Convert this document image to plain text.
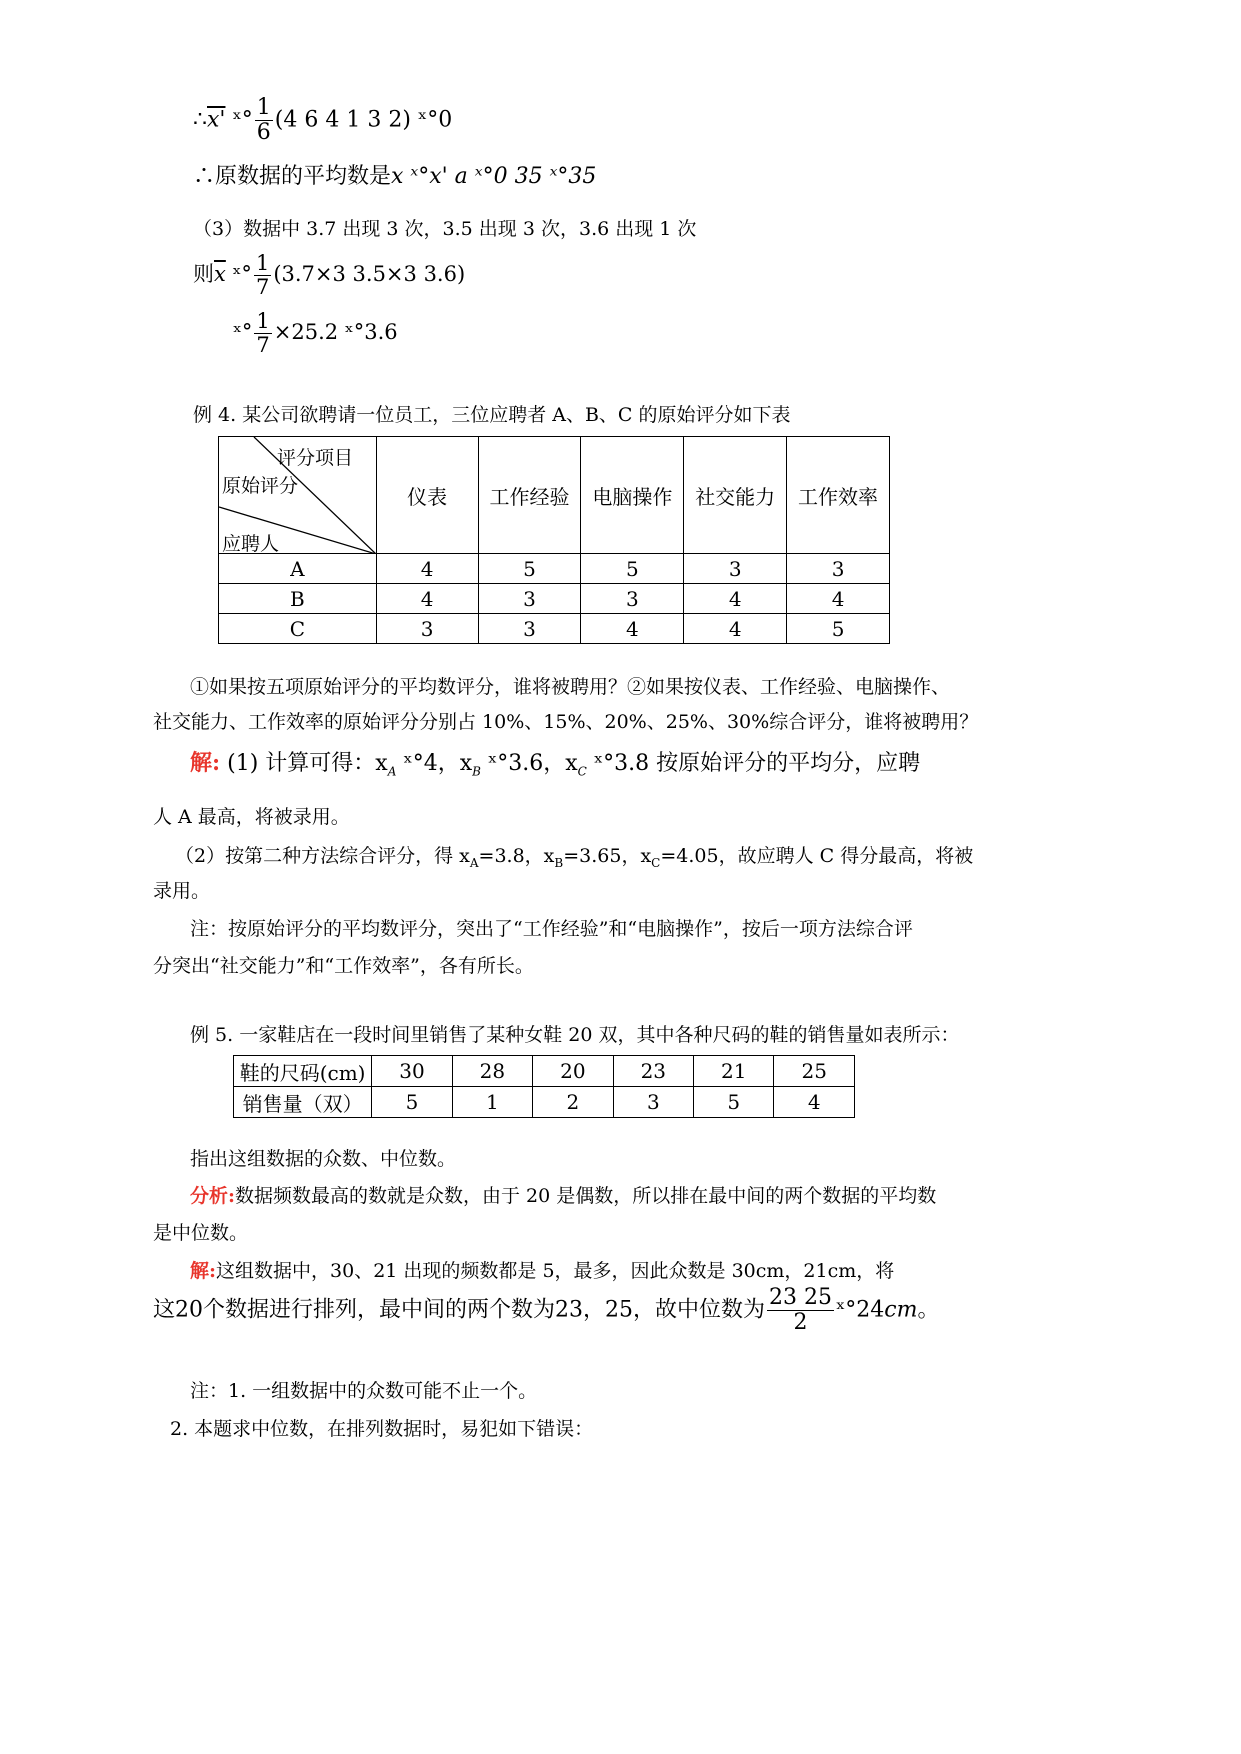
∴x' ˣ° $\frac{1}{6} (4$ 6 4 1 3 2) ˣ°0
∴原数据的平均数是x ˣ°x' a ˣ°0 35 ˣ°35
（3）数据中 3.7 出现 3 次，3.5 出现 3 次，3.6 出现 1 次
则$\overline{x}$ ˣ° $\frac{1}{7} (3.7\times 3$ 3.5×3 3.6)
ˣ° $\frac{1}{7} \times 25.2$ ˣ°3.6
例 4. 某公司欲聘请一位员工，三位应聘者 A、B、C 的原始评分如下表
评分项目
原始评分
应聘人	仪表	工作经验	电脑操作	社交能力	工作效率
A	4	5	5	3	3
B	4	3	3	4	4
C	3	3	4	4	5
①如果按五项原始评分的平均数评分，谁将被聘用？②如果按仪表、工作经验、电脑操作、
社交能力、工作效率的原始评分分别占 10%、15%、20%、25%、30%综合评分，谁将被聘用？
解: (1) 计算可得：$x_A$ ˣ°4，$x_B$ ˣ°3.6，$x_C$ ˣ°3.8 按原始评分的平均分，应聘
人 A 最高，将被录用。
（2）按第二种方法综合评分，得 $x_A=3.8$，$x_B=3.65$，$x_C=4.05$，故应聘人 C 得分最高，将被
录用。
注：按原始评分的平均数评分，突出了“工作经验”和“电脑操作”，按后一项方法综合评
分突出“社交能力”和“工作效率”，各有所长。
例 5. 一家鞋店在一段时间里销售了某种女鞋 20 双，其中各种尺码的鞋的销售量如表所示：
鞋的尺码(cm)	30	28	20	23	21	25
销售量（双）	5	1	2	3	5	4
指出这组数据的众数、中位数。
分析:数据频数最高的数就是众数，由于 20 是偶数，所以排在最中间的两个数据的平均数
是中位数。
解:这组数据中，30、21 出现的频数都是 5，最多，因此众数是 30cm，21cm，将
这20个数据进行排列，最中间的两个数为23，25，故中位数为 $\frac{23 25}{2}$ ˣ°24cm。
注：1. 一组数据中的众数可能不止一个。
2. 本题求中位数，在排列数据时，易犯如下错误：
